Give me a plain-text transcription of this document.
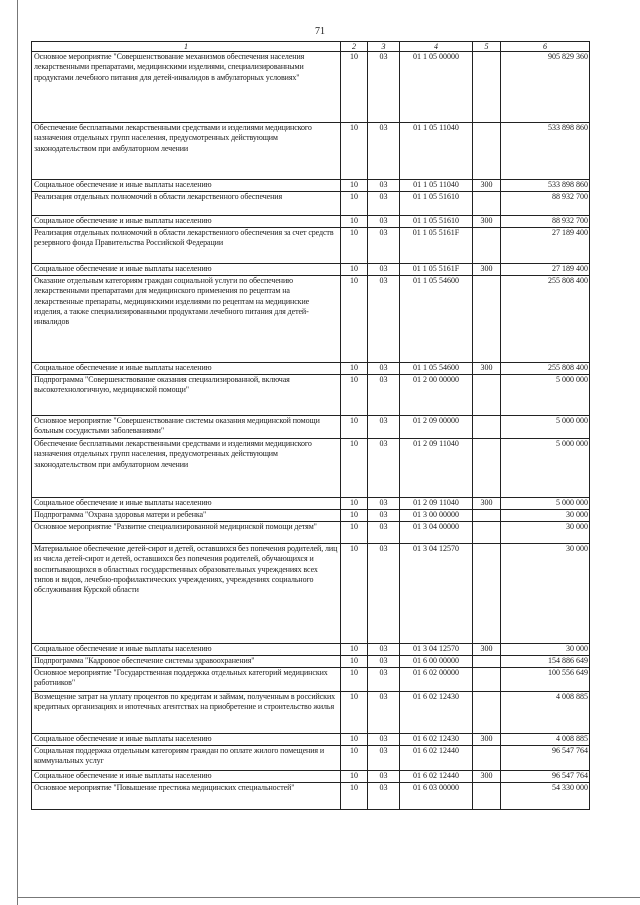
71
1	2	3	4	5	6
Основное мероприятие "Совершенствование механизмов обеспечения населения лекарственными препаратами, медицинскими изделиями, специализированными продуктами лечебного питания для детей-инвалидов в амбулаторных условиях"	10	03	01 1 05 00000		905 829 360
Обеспечение бесплатными лекарственными средствами и изделиями медицинского назначения отдельных групп населения, предусмотренных действующим законодательством при амбулаторном лечении	10	03	01 1 05 11040		533 898 860
Социальное обеспечение и иные выплаты населению	10	03	01 1 05 11040	300	533 898 860
Реализация отдельных полномочий в области лекарственного обеспечения	10	03	01 1 05 51610		88 932 700
Социальное обеспечение и иные выплаты населению	10	03	01 1 05 51610	300	88 932 700
Реализация отдельных полномочий в области лекарственного обеспечения за счет средств резервного фонда Правительства Российской Федерации	10	03	01 1 05 5161F		27 189 400
Социальное обеспечение и иные выплаты населению	10	03	01 1 05 5161F	300	27 189 400
Оказание отдельным категориям граждан социальной услуги по обеспечению лекарственными препаратами для медицинского применения по рецептам на лекарственные препараты, медицинскими изделиями по рецептам на медицинские изделия, а также специализированными продуктами лечебного питания для детей-инвалидов	10	03	01 1 05 54600		255 808 400
Социальное обеспечение и иные выплаты населению	10	03	01 1 05 54600	300	255 808 400
Подпрограмма "Совершенствование оказания специализированной, включая высокотехнологичную, медицинской помощи"	10	03	01 2 00 00000		5 000 000
Основное мероприятие "Совершенствование системы оказания медицинской помощи больным сосудистыми заболеваниями"	10	03	01 2 09 00000		5 000 000
Обеспечение бесплатными лекарственными средствами и изделиями медицинского назначения отдельных групп населения, предусмотренных действующим законодательством при амбулаторном лечении	10	03	01 2 09 11040		5 000 000
Социальное обеспечение и иные выплаты населению	10	03	01 2 09 11040	300	5 000 000
Подпрограмма "Охрана здоровья матери и ребенка"	10	03	01 3 00 00000		30 000
Основное мероприятие "Развитие специализированной медицинской помощи детям"	10	03	01 3 04 00000		30 000
Материальное обеспечение детей-сирот и детей, оставшихся без попечения родителей, лиц из числа детей-сирот и детей, оставшихся без попечения родителей, обучающихся и воспитывающихся в областных государственных образовательных учреждениях всех типов и видов, лечебно-профилактических учреждениях, учреждениях социального обслуживания Курской области	10	03	01 3 04 12570		30 000
Социальное обеспечение и иные выплаты населению	10	03	01 3 04 12570	300	30 000
Подпрограмма "Кадровое обеспечение системы здравоохранения"	10	03	01 6 00 00000		154 886 649
Основное мероприятие "Государственная поддержка отдельных категорий медицинских работников"	10	03	01 6 02 00000		100 556 649
Возмещение затрат на уплату процентов по кредитам и займам, полученным в российских кредитных организациях и ипотечных агентствах на приобретение и строительство жилья	10	03	01 6 02 12430		4 008 885
Социальное обеспечение и иные выплаты населению	10	03	01 6 02 12430	300	4 008 885
Социальная поддержка отдельным категориям граждан по оплате жилого помещения и коммунальных услуг	10	03	01 6 02 12440		96 547 764
Социальное обеспечение и иные выплаты населению	10	03	01 6 02 12440	300	96 547 764
Основное мероприятие "Повышение престижа медицинских специальностей"	10	03	01 6 03 00000		54 330 000
